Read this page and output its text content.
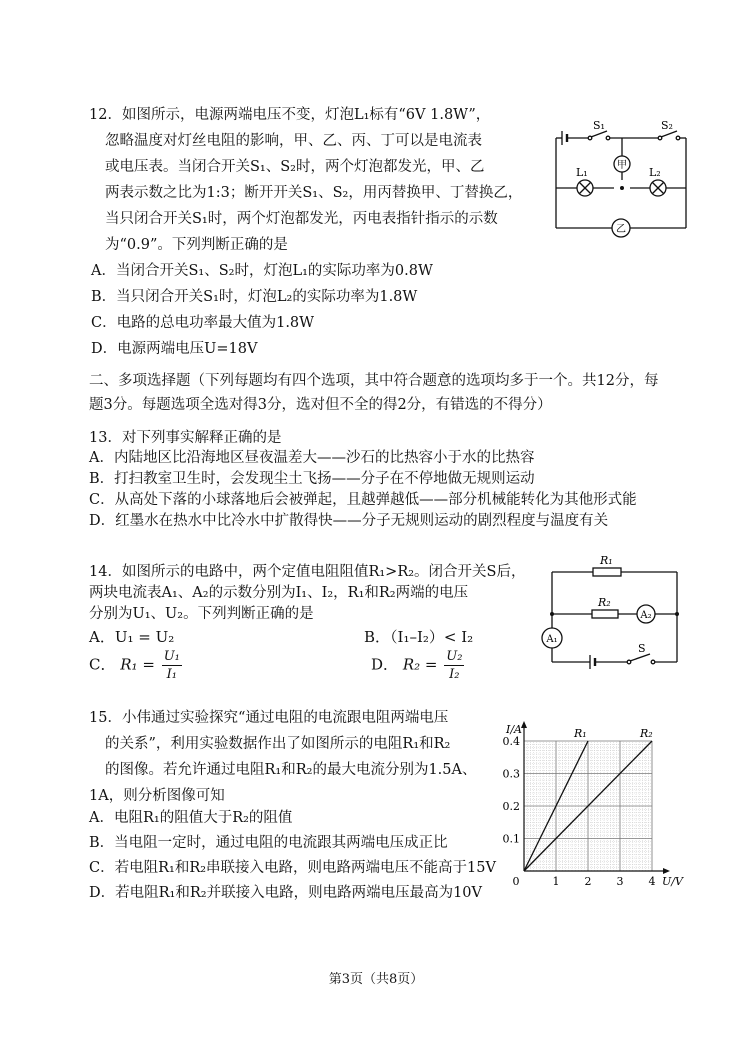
12．如图所示，电源两端电压不变，灯泡L₁标有“6V 1.8W”，
忽略温度对灯丝电阻的影响，甲、乙、丙、丁可以是电流表
或电压表。当闭合开关S₁、S₂时，两个灯泡都发光，甲、乙
两表示数之比为1:3；断开开关S₁、S₂，用丙替换甲、丁替换乙，
当只闭合开关S₁时，两个灯泡都发光，丙电表指针指示的示数
为“0.9”。下列判断正确的是
A．当闭合开关S₁、S₂时，灯泡L₁的实际功率为0.8W
B．当只闭合开关S₁时，灯泡L₂的实际功率为1.8W
C．电路的总电功率最大值为1.8W
D．电源两端电压U=18V
甲
乙
S₁	S₂
L₁	L₂
二、多项选择题（下列每题均有四个选项，其中符合题意的选项均多于一个。共12分，每
题3分。每题选项全选对得3分，选对但不全的得2分，有错选的不得分）
13．对下列事实解释正确的是
A．内陆地区比沿海地区昼夜温差大——沙石的比热容小于水的比热容
B．打扫教室卫生时，会发现尘土飞扬——分子在不停地做无规则运动
C．从高处下落的小球落地后会被弹起，且越弹越低——部分机械能转化为其他形式能
D．红墨水在热水中比冷水中扩散得快——分子无规则运动的剧烈程度与温度有关
14．如图所示的电路中，两个定值电阻阻值R₁>R₂。闭合开关S后，
两块电流表A₁、A₂的示数分别为I₁、I₂，R₁和R₂两端的电压
分别为U₁、U₂。下列判断正确的是
A．U₁ = U₂	B．（I₁–I₂）< I₂
C． $R_1 = \frac{\text{U₁}}{\text{I₁}}$	D． $R_2 = \frac{\text{U₂}}{\text{I₂}}$
R₁
R₂
A₂
A₁
S
15．小伟通过实验探究“通过电阻的电流跟电阻两端电压
的关系”，利用实验数据作出了如图所示的电阻R₁和R₂
的图像。若允许通过电阻R₁和R₂的最大电流分别为1.5A、
1A，则分析图像可知
A．电阻R₁的阻值大于R₂的阻值
B．当电阻一定时，通过电阻的电流跟其两端电压成正比
C．若电阻R₁和R₂串联接入电路，则电路两端电压不能高于15V
D．若电阻R₁和R₂并联接入电路，则电路两端电压最高为10V
R₁	R₂
0	1 2 3 4
0.1
0.2
0.3
0.4
U/V
I/A
第3页（共8页）
